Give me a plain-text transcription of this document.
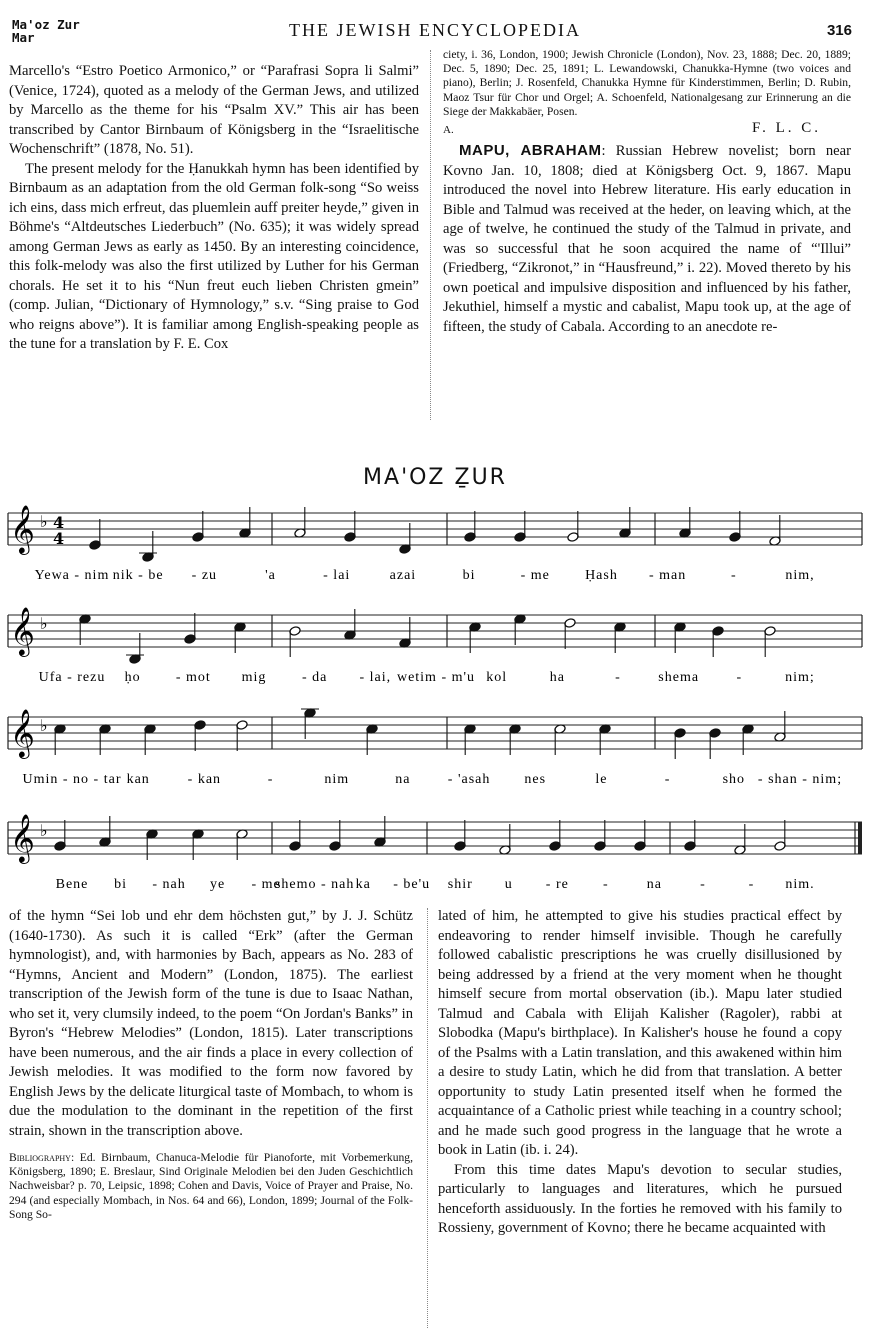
Ma'oz Zur
Mar	THE JEWISH ENCYCLOPEDIA	316

Marcello's “Estro Poetico Armonico,” or “Parafrasi Sopra li Salmi” (Venice, 1724), quoted as a melody of the German Jews, and utilized by Marcello as the theme for his “Psalm XV.” This air has been transcribed by Cantor Birnbaum of Königsberg in the “Israelitische Wochenschrift” (1878, No. 51).

The present melody for the Ḥanukkah hymn has been identified by Birnbaum as an adaptation from the old German folk-song “So weiss ich eins, dass mich erfreut, das pluemlein auff preiter heyde,” given in Böhme's “Altdeutsches Liederbuch” (No. 635); it was widely spread among German Jews as early as 1450. By an interesting coincidence, this folk-melody was also the first utilized by Luther for his German chorals. He set it to his “Nun freut euch lieben Christen gmein” (comp. Julian, “Dictionary of Hymnology,” s.v. “Sing praise to God who reigns above”). It is familiar among English-speaking people as the tune for a translation by F. E. Cox

ciety, i. 36, London, 1900; Jewish Chronicle (London), Nov. 23, 1888; Dec. 20, 1889; Dec. 5, 1890; Dec. 25, 1891; L. Lewandowski, Chanukka-Hymne (two voices and piano), Berlin; J. Rosenfeld, Chanukka Hymne für Kinderstimmen, Berlin; D. Rubin, Maoz Tsur für Chor und Orgel; A. Schoenfeld, Nationalgesang zur Erinnerung an die Siege der Makkabäer, Posen.

A.	F. L. C.

MAPU, ABRAHAM: Russian Hebrew novelist; born near Kovno Jan. 10, 1808; died at Königsberg Oct. 9, 1867. Mapu introduced the novel into Hebrew literature. His early education in Bible and Talmud was received at the heder, on leaving which, at the age of twelve, he continued the study of the Talmud in private, and was so successful that he soon acquired the name of “'Illui” (Friedberg, “Zikronot,” in “Hausfreund,” i. 22). Moved thereto by his own poetical and impulsive disposition and influenced by his father, Jekuthiel, himself a mystic and cabalist, Mapu took up, at the age of fifteen, the study of Cabala. According to an anecdote re-

MA'OZ ẔUR
𝄞 ♭ 4
4
𝄞 ♭
𝄞 ♭
𝄞 ♭
Yewa - nim nik - be - zu	'a	- lai	azai	bi	- me	Ḥash - man	-	nim,
Ufa - rezu ḥo	- mot mig	- da - lai, wetim - m'u kol	ha	-	shema	-	nim;
Umin - no - tar kan	- kan	-	nim	na	- 'asah nes	le	-	sho - shan - nim;
Bene bi - nah ye - me
shemo - nah ka - be'u shir u - re -	na	-	- nim.

of the hymn “Sei lob und ehr dem höchsten gut,” by J. J. Schütz (1640-1730). As such it is called “Erk” (after the German hymnologist), and, with harmonies by Bach, appears as No. 283 of “Hymns, Ancient and Modern” (London, 1875). The earliest transcription of the Jewish form of the tune is due to Isaac Nathan, who set it, very clumsily indeed, to the poem “On Jordan's Banks” in Byron's “Hebrew Melodies” (London, 1815). Later transcriptions have been numerous, and the air finds a place in every collection of Jewish melodies. It was modified to the form now favored by English Jews by the delicate liturgical taste of Mombach, to whom is due the modulation to the dominant in the repetition of the first strain, shown in the transcription above.

Bibliography: Ed. Birnbaum, Chanuca-Melodie für Pianoforte, mit Vorbemerkung, Königsberg, 1890; E. Breslaur, Sind Originale Melodien bei den Juden Geschichtlich Nachweisbar? p. 70, Leipsic, 1898; Cohen and Davis, Voice of Prayer and Praise, No. 294 (and especially Mombach, in Nos. 64 and 66), London, 1899; Journal of the Folk-Song So-

lated of him, he attempted to give his studies practical effect by endeavoring to render himself invisible. Though he carefully followed cabalistic prescriptions he was cruelly disillusioned by being addressed by a friend at the very moment when he thought himself secure from mortal observation (ib.). Mapu later studied Talmud and Cabala with Elijah Kalisher (Ragoler), rabbi at Slobodka (Mapu's birthplace). In Kalisher's house he found a copy of the Psalms with a Latin translation, and this awakened within him a desire to study Latin, which he did from that translation. A better opportunity to study Latin presented itself when he formed the acquaintance of a Catholic priest while teaching in a country school; and he made such good progress in the language that he wrote a book in Latin (ib. i. 24).

From this time dates Mapu's devotion to secular studies, particularly to languages and literatures, which he pursued henceforth assiduously. In the forties he removed with his family to Rossieny, government of Kovno; there he became acquainted with
